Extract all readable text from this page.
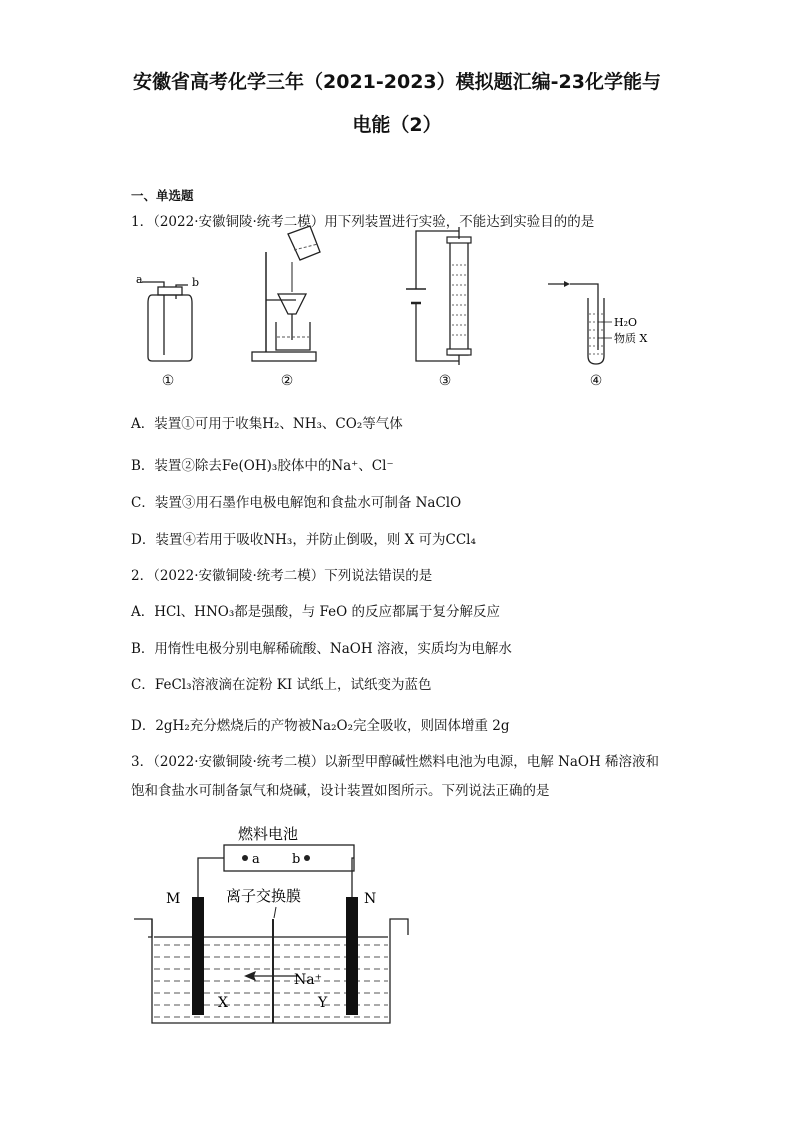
安徽省高考化学三年（2021-2023）模拟题汇编-23化学能与
电能（2）
一、单选题
1．（2022·安徽铜陵·统考二模）用下列装置进行实验，不能达到实验目的的是
a	b
H₂O
物质 X
①	②	③	④
A．装置①可用于收集H₂、NH₃、CO₂等气体
B．装置②除去Fe(OH)₃胶体中的Na⁺、Cl⁻
C．装置③用石墨作电极电解饱和食盐水可制备 NaClO
D．装置④若用于吸收NH₃，并防止倒吸，则 X 可为CCl₄
2．（2022·安徽铜陵·统考二模）下列说法错误的是
A．HCl、HNO₃都是强酸，与 FeO 的反应都属于复分解反应
B．用惰性电极分别电解稀硫酸、NaOH 溶液，实质均为电解水
C．FeCl₃溶液滴在淀粉 KI 试纸上，试纸变为蓝色
D．2gH₂充分燃烧后的产物被Na₂O₂完全吸收，则固体增重 2g
3．（2022·安徽铜陵·统考二模）以新型甲醇碱性燃料电池为电源，电解 NaOH 稀溶液和
饱和食盐水可制备氯气和烧碱，设计装置如图所示。下列说法正确的是
燃料电池
a b
M	N
离子交换膜
Na⁺
X	Y
